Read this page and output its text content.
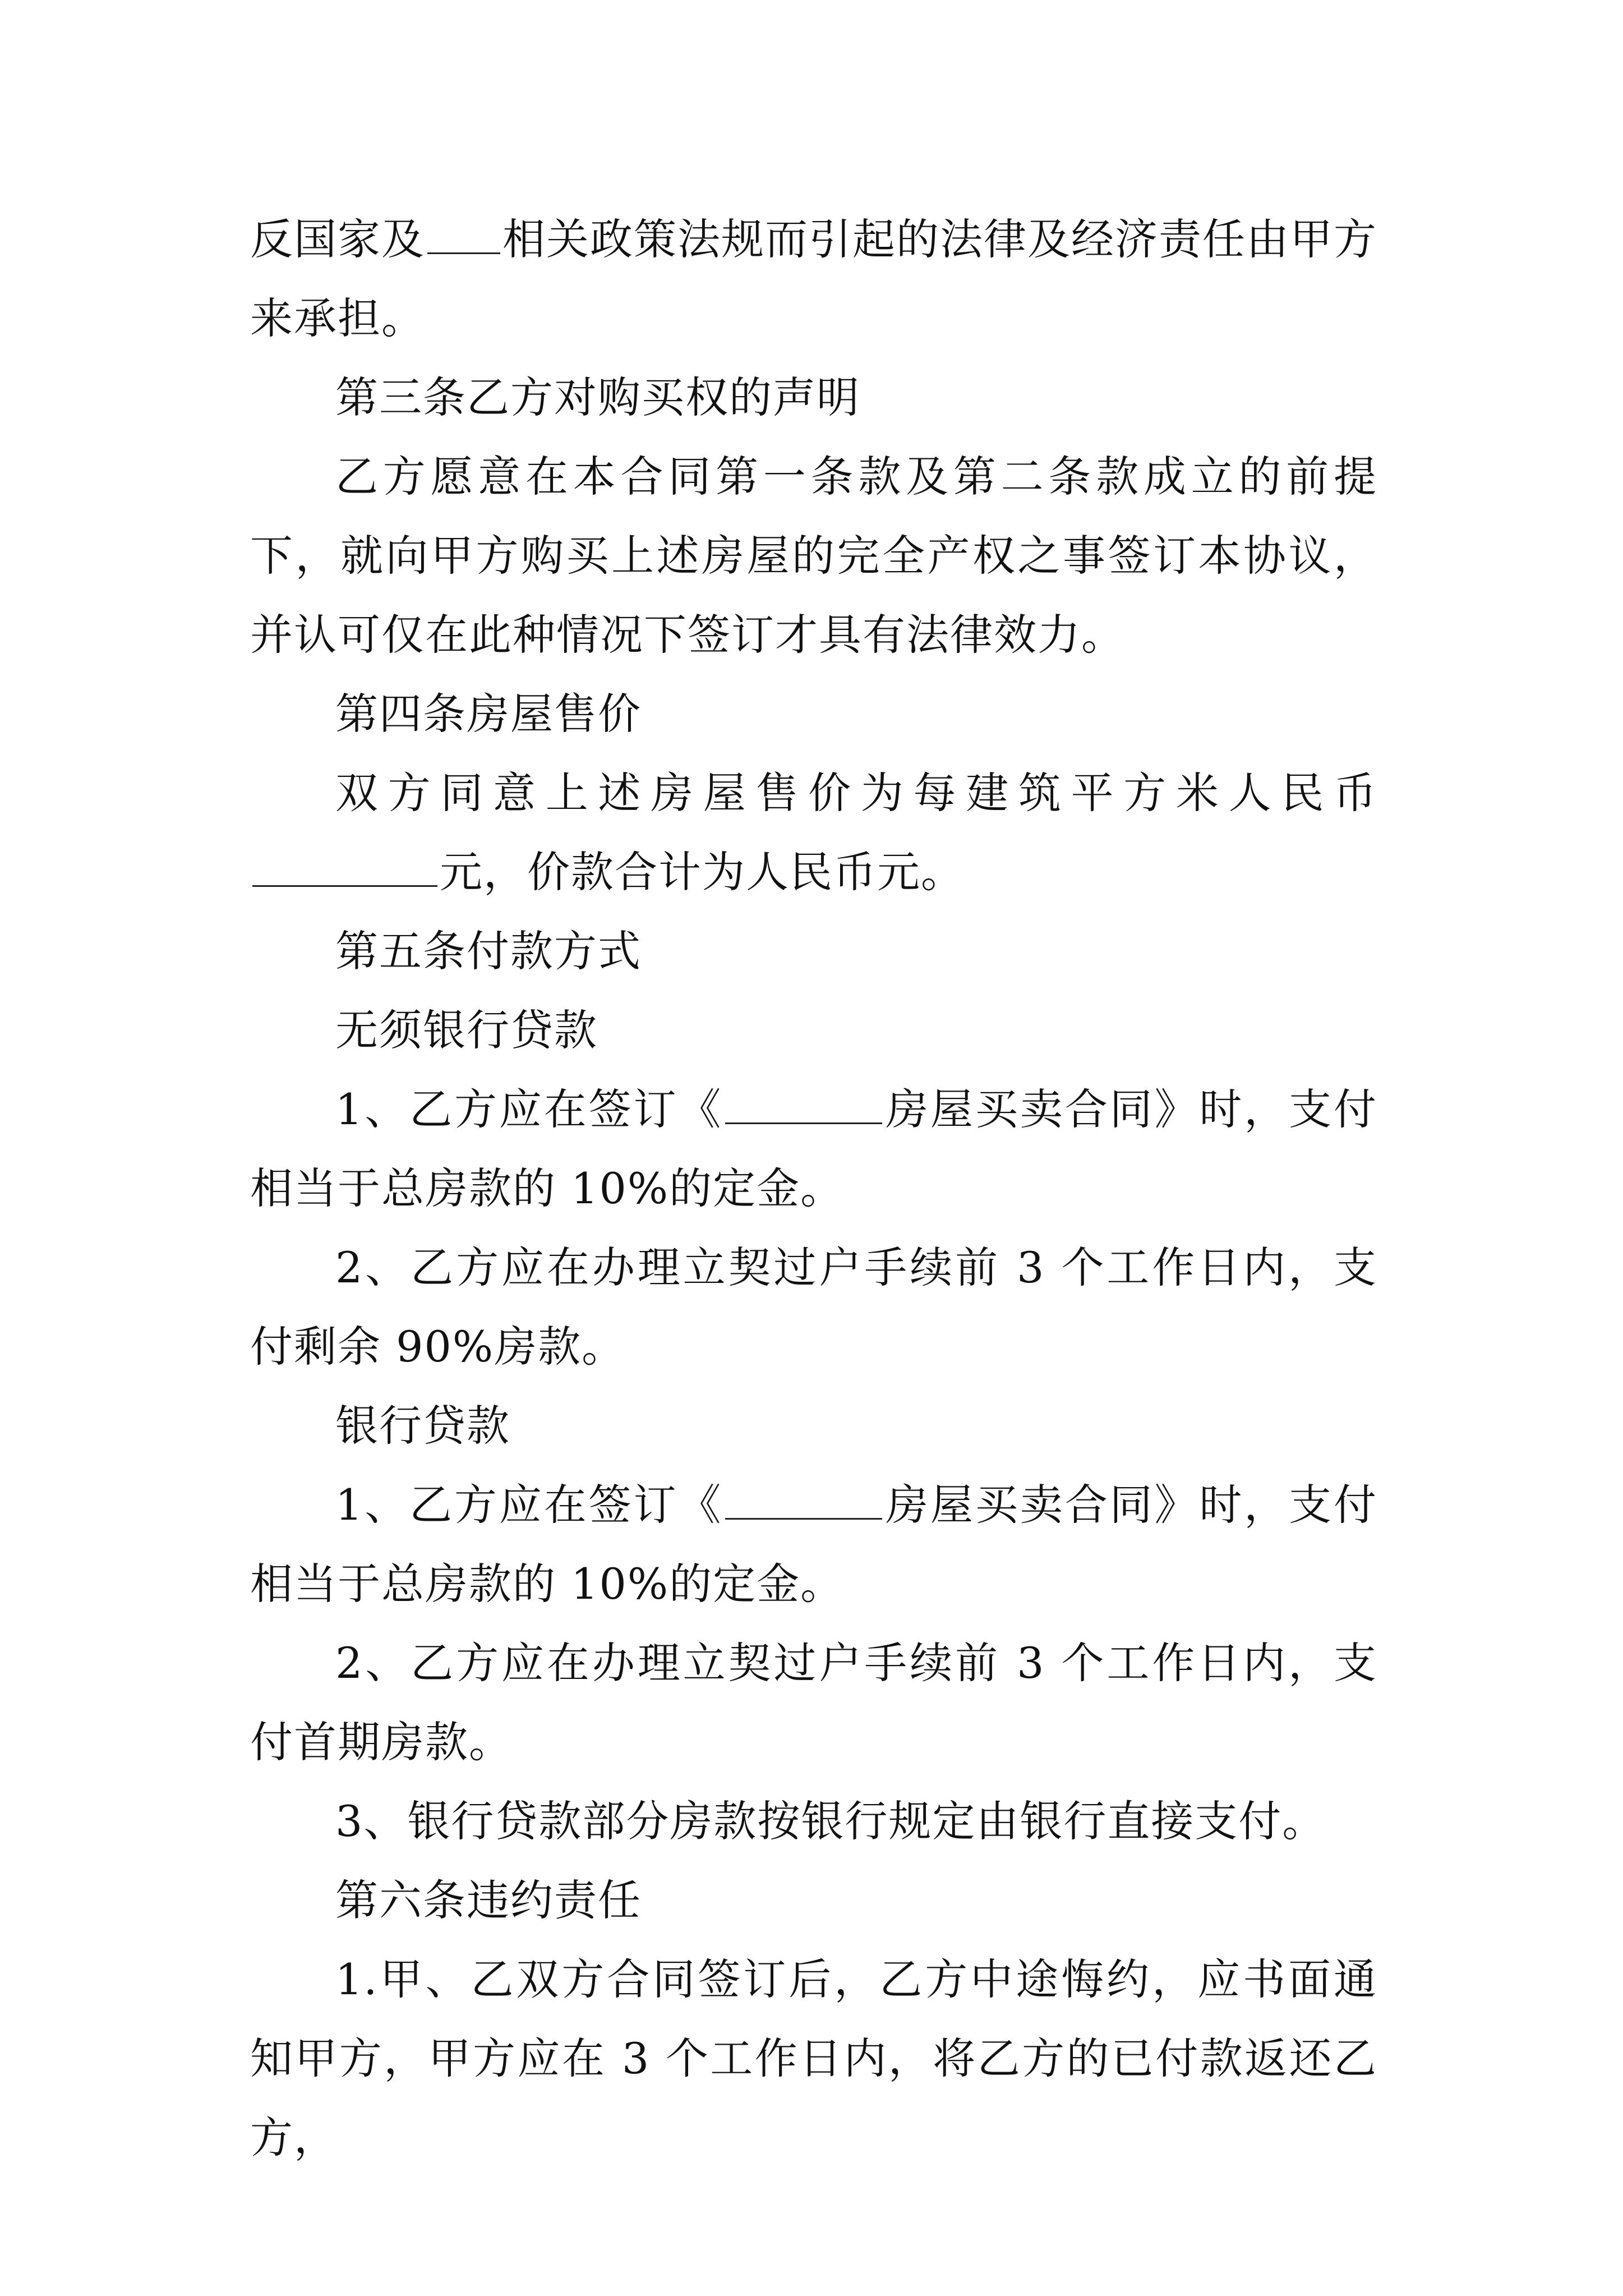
反国家及 相关政策法规而引起的法律及经济责任由甲方来承担。

第三条乙方对购买权的声明

乙方愿意在本合同第一条款及第二条款成立的前提下，就向甲方购买上述房屋的完全产权之事签订本协议，并认可仅在此种情况下签订才具有法律效力。

第四条房屋售价

双方同意上述房屋售价为每建筑平方米人民币

元，价款合计为人民币元。

第五条付款方式

无须银行贷款

1、乙方应在签订《	房屋买卖合同》时，支付相当于总房款的 10%的定金。

2、乙方应在办理立契过户手续前 3 个工作日内，支付剩余 90%房款。

银行贷款

1、乙方应在签订《	房屋买卖合同》时，支付相当于总房款的 10%的定金。

2、乙方应在办理立契过户手续前 3 个工作日内，支付首期房款。

3、银行贷款部分房款按银行规定由银行直接支付。

第六条违约责任

1.甲、乙双方合同签订后，乙方中途悔约，应书面通知甲方，甲方应在 3 个工作日内，将乙方的已付款返还乙方，
